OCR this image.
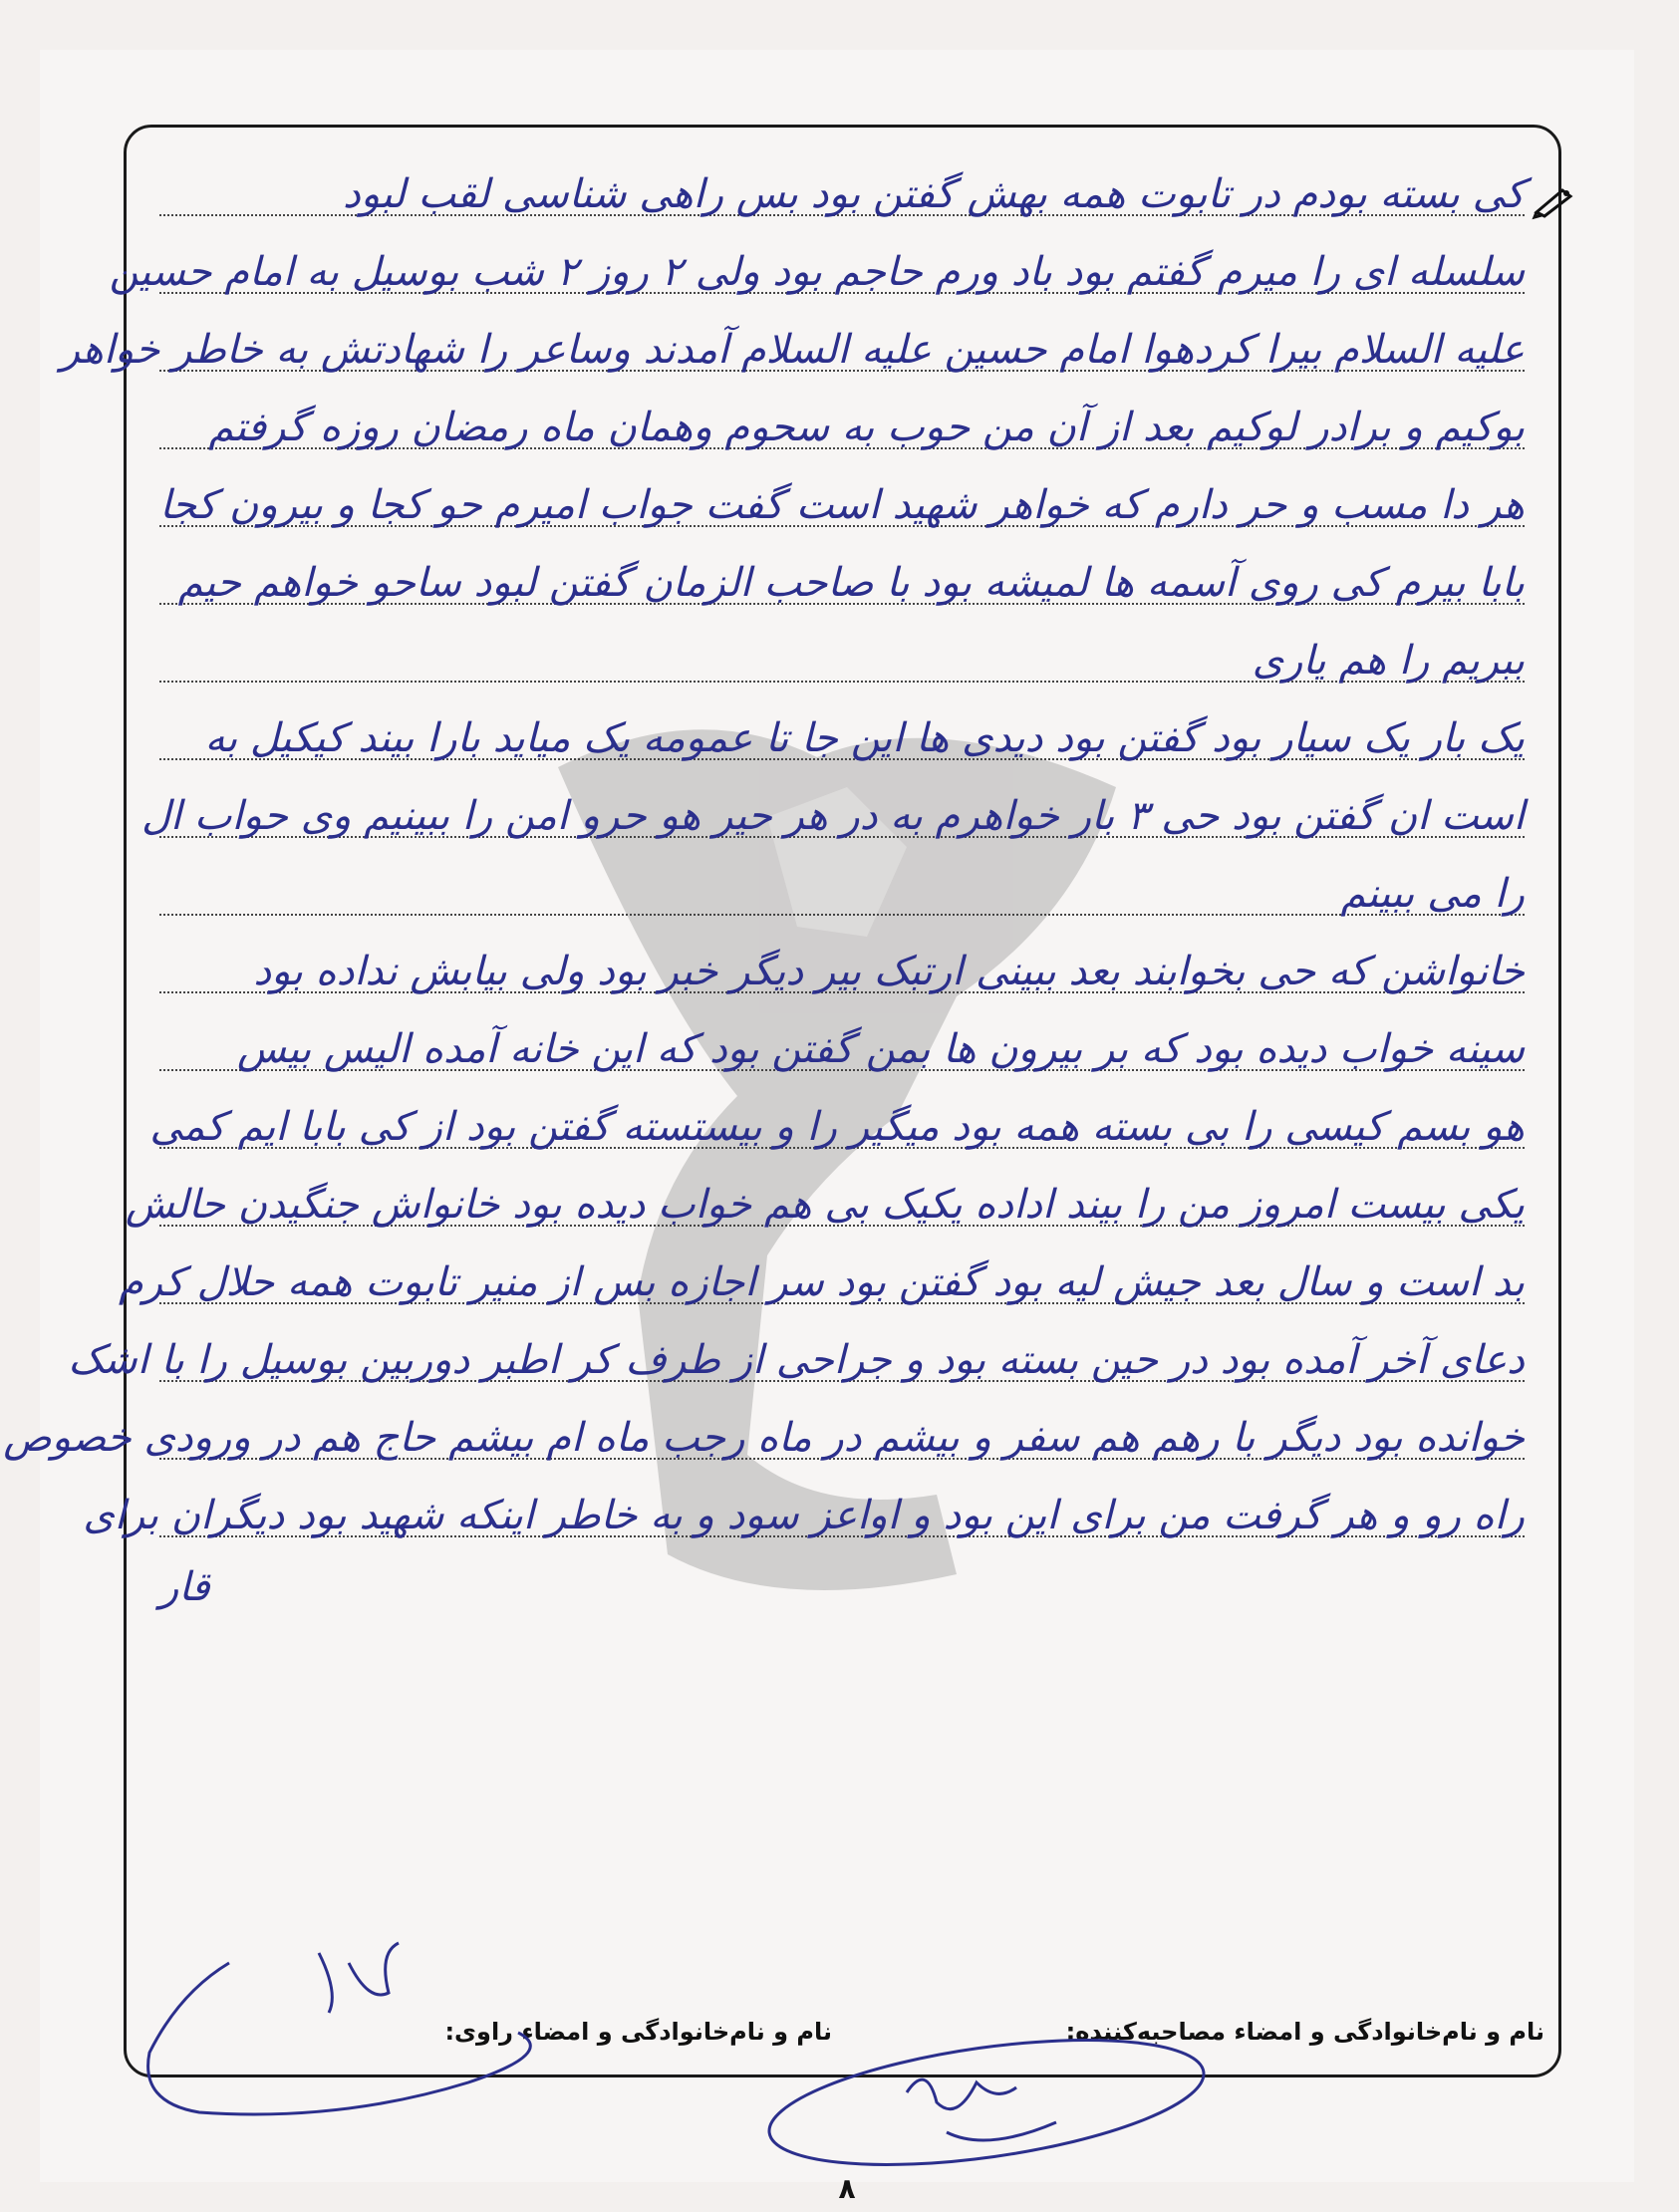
کی بسته بودم در تابوت همه بهش گفتن بود بس راهی شناسی لقب لبود
سلسله ای را میرم گفتم بود باد ورم حاجم بود ولی ۲ روز ۲ شب بوسیل به امام حسین
علیه السلام بیرا کردهوا امام حسین علیه السلام آمدند وساعر را شهادتش به خاطر خواهر
بوکیم و برادر لوکیم بعد از آن من حوب به سحوم وهمان ماه رمضان روزه گرفتم
هر دا مسب و حر دارم که خواهر شهید است گفت جواب امیرم حو کجا و بیرون کجا
بابا بیرم کی روی آسمه ها لمیشه بود با صاحب الزمان گفتن لبود ساحو خواهم حیم
ببریم را هم یاری
یک بار یک سیار بود گفتن بود دیدی ها این جا تا عمومه یک میاید بارا بیند کیکیل به
است ان گفتن بود حی ۳ بار خواهرم به در هر حیر هو حرو امن را ببینیم وی حواب ال
را می ببینم
خانواشن که حی بخوابند بعد ببینی ارتبک بیر دیگر خبر بود ولی بیابش نداده بود
سینه خواب دیده بود که بر بیرون ها بمن گفتن بود که این خانه آمده الیس بیس
هو بسم کیسی را بی بسته همه بود میگیر را و بیستسته گفتن بود از کی بابا ایم کمی
یکی بیست امروز من را بیند اداده یکیک بی هم خواب دیده بود خانواش جنگیدن حالش
بد است و سال بعد جیش لیه بود گفتن بود سر اجازه بس از منیر تابوت همه حلال کرم
دعای آخر آمده بود در حین بسته بود و جراحی از طرف کر اطبر دوربین بوسیل را با اشک
خوانده بود دیگر با رهم هم سفر و بیشم در ماه رجب ماه ام بیشم حاج هم در ورودی خصوص
راه رو و هر گرفت من برای این بود و اواعز سود و به خاطر اینکه شهید بود دیگران برای
قار
نام و نام‌خانوادگی و امضاء مصاحبه‌کننده:
نام و نام‌خانوادگی و امضاء راوی:
۸
